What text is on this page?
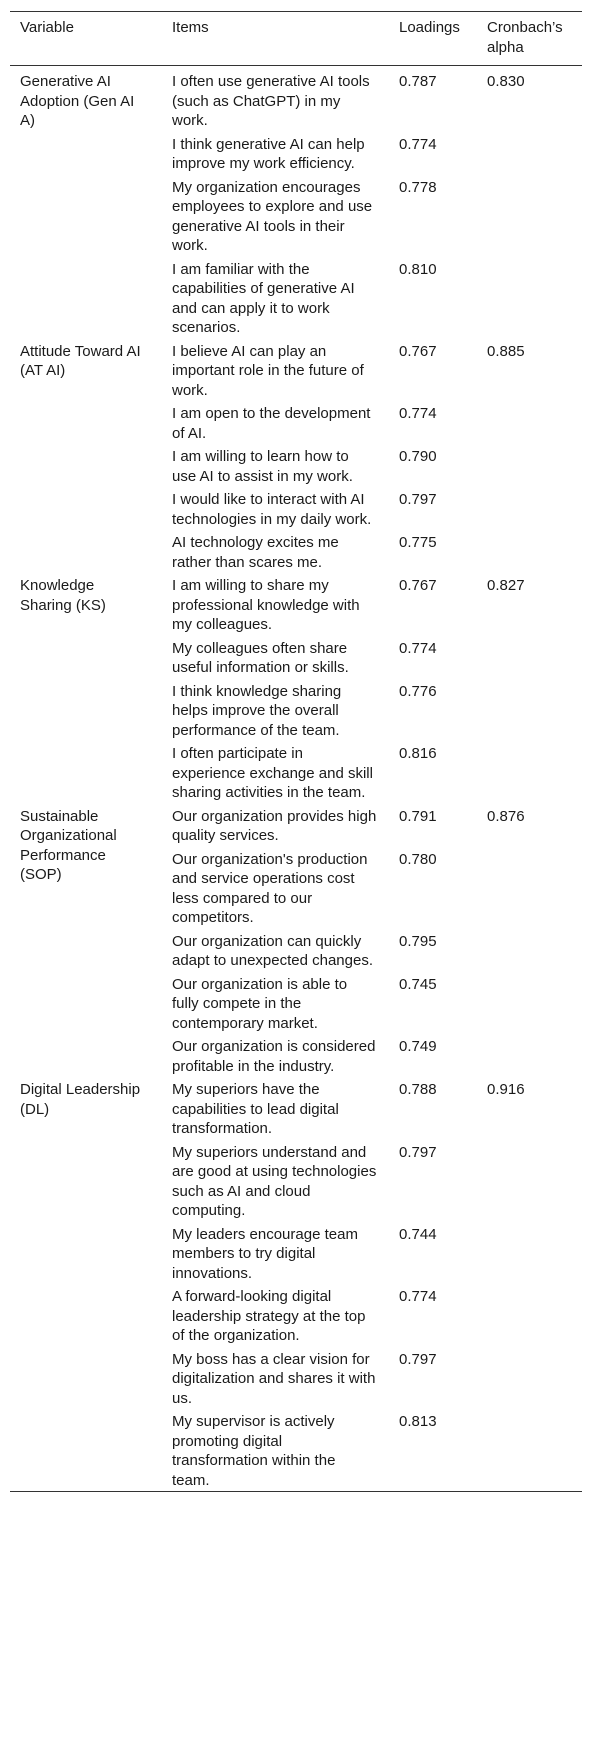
Variable	Items	Loadings	Cronbach’s alpha
Generative AI Adoption (Gen AI A)	I often use generative AI tools (such as ChatGPT) in my work.	0.787	0.830
	I think generative AI can help improve my work efficiency.	0.774	
	My organization encourages employees to explore and use generative AI tools in their work.	0.778	
	I am familiar with the capabilities of generative AI and can apply it to work scenarios.	0.810	
Attitude Toward AI (AT AI)	I believe AI can play an important role in the future of work.	0.767	0.885
	I am open to the development of AI.	0.774	
	I am willing to learn how to use AI to assist in my work.	0.790	
	I would like to interact with AI technologies in my daily work.	0.797	
	AI technology excites me rather than scares me.	0.775	
Knowledge Sharing (KS)	I am willing to share my professional knowledge with my colleagues.	0.767	0.827
	My colleagues often share useful information or skills.	0.774	
	I think knowledge sharing helps improve the overall performance of the team.	0.776	
	I often participate in experience exchange and skill sharing activities in the team.	0.816	
Sustainable Organizational Performance (SOP)	Our organization provides high quality services.	0.791	0.876
	Our organization's production and service operations cost less compared to our competitors.	0.780	
	Our organization can quickly adapt to unexpected changes.	0.795	
	Our organization is able to fully compete in the contemporary market.	0.745	
	Our organization is considered profitable in the industry.	0.749	
Digital Leadership (DL)	My superiors have the capabilities to lead digital transformation.	0.788	0.916
	My superiors understand and are good at using technologies such as AI and cloud computing.	0.797	
	My leaders encourage team members to try digital innovations.	0.744	
	A forward-looking digital leadership strategy at the top of the organization.	0.774	
	My boss has a clear vision for digitalization and shares it with us.	0.797	
	My supervisor is actively promoting digital transformation within the team.	0.813	
